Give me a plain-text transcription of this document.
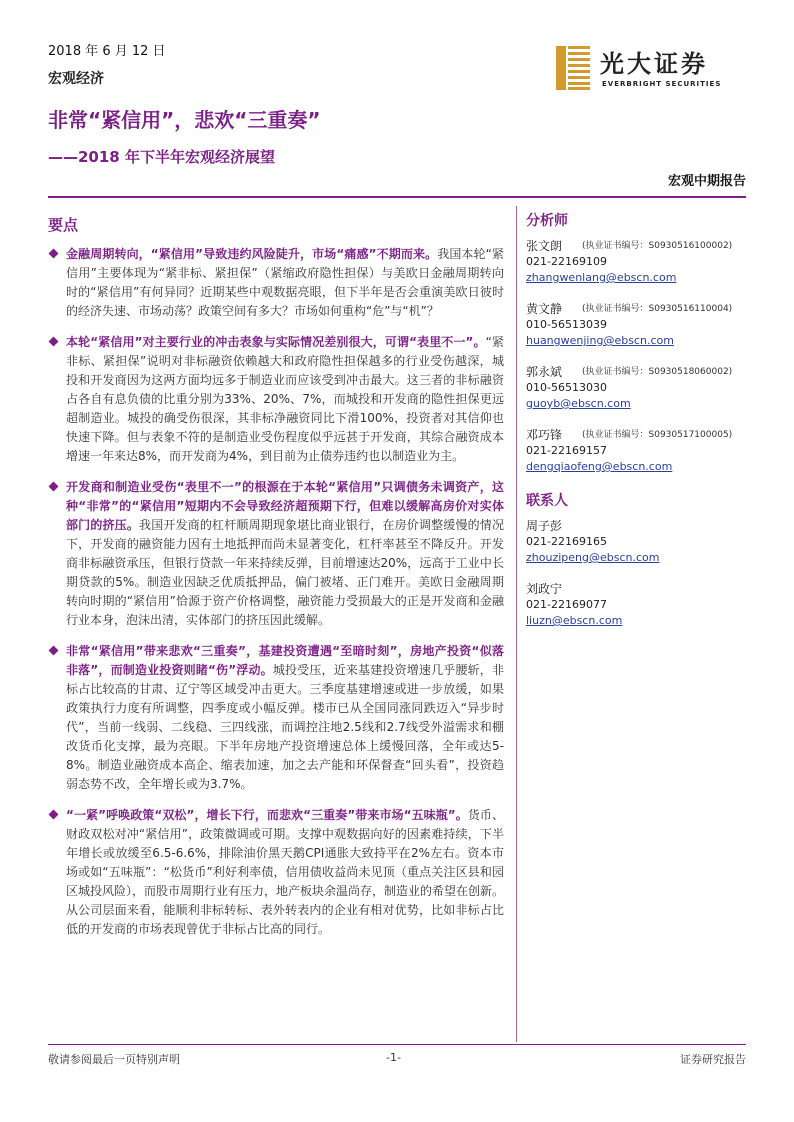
2018 年 6 月 12 日
宏观经济
非常“紧信用”，悲欢“三重奏”
——2018 年下半年宏观经济展望
宏观中期报告
光大证券
EVERBRIGHT SECURITIES
要点
金融周期转向，“紧信用”导致违约风险陡升，市场“痛感”不期而来。我国本轮“紧信用”主要体现为“紧非标、紧担保”（紧缩政府隐性担保）与美欧日金融周期转向时的“紧信用”有何异同？近期某些中观数据亮眼，但下半年是否会重演美欧日彼时的经济失速、市场动荡？政策空间有多大？市场如何重构“危”与“机”？
本轮“紧信用”对主要行业的冲击表象与实际情况差别很大，可谓“表里不一”。“紧非标、紧担保”说明对非标融资依赖越大和政府隐性担保越多的行业受伤越深，城投和开发商因为这两方面均远多于制造业而应该受到冲击最大。这三者的非标融资占各自有息负债的比重分别为33%、20%、7%，而城投和开发商的隐性担保更远超制造业。城投的确受伤很深，其非标净融资同比下滑100%，投资者对其信仰也快速下降。但与表象不符的是制造业受伤程度似乎远甚于开发商，其综合融资成本增速一年来达8%，而开发商为4%，到目前为止债券违约也以制造业为主。
开发商和制造业受伤“表里不一”的根源在于本轮“紧信用”只调债务未调资产，这种“非常”的“紧信用”短期内不会导致经济超预期下行，但难以缓解高房价对实体部门的挤压。我国开发商的杠杆顺周期现象堪比商业银行，在房价调整缓慢的情况下，开发商的融资能力因有土地抵押而尚未显著变化，杠杆率甚至不降反升。开发商非标融资承压，但银行贷款一年来持续反弹，目前增速达20%，远高于工业中长期贷款的5%。制造业因缺乏优质抵押品，偏门被堵、正门难开。美欧日金融周期转向时期的“紧信用”恰源于资产价格调整，融资能力受损最大的正是开发商和金融行业本身，泡沫出清，实体部门的挤压因此缓解。
非常“紧信用”带来悲欢“三重奏”，基建投资遭遇“至暗时刻”，房地产投资“似落非落”，而制造业投资则睹“伤”浮动。城投受压，近来基建投资增速几乎腰斩，非标占比较高的甘肃、辽宁等区域受冲击更大。三季度基建增速或进一步放缓，如果政策执行力度有所调整，四季度或小幅反弹。楼市已从全国同涨同跌迈入“异步时代”，当前一线弱、二线稳、三四线涨，而调控注地2.5线和2.7线受外溢需求和棚改货币化支撑，最为亮眼。下半年房地产投资增速总体上缓慢回落，全年或达5-8%。制造业融资成本高企、缩表加速，加之去产能和环保督查“回头看”，投资趋弱态势不改，全年增长或为3.7%。
“一紧”呼唤政策“双松”，增长下行，而悲欢“三重奏”带来市场“五味瓶”。货币、财政双松对冲“紧信用”，政策微调或可期。支撑中观数据向好的因素难持续，下半年增长或放缓至6.5-6.6%，排除油价黑天鹅CPI通胀大致持平在2%左右。资本市场或如“五味瓶”：“松货币”利好利率债，信用债收益尚未见顶（重点关注区县和园区城投风险），而股市周期行业有压力，地产板块余温尚存，制造业的希望在创新。从公司层面来看，能顺利非标转标、表外转表内的企业有相对优势，比如非标占比低的开发商的市场表现曾优于非标占比高的同行。
分析师
张文朗	(执业证书编号：S0930516100002)
021-22169109
zhangwenlang@ebscn.com
黄文静	(执业证书编号：S0930516110004)
010-56513039
huangwenjing@ebscn.com
郭永斌	(执业证书编号：S0930518060002)
010-56513030
guoyb@ebscn.com
邓巧锋	(执业证书编号：S0930517100005)
021-22169157
dengqiaofeng@ebscn.com
联系人
周子彭
021-22169165
zhouzipeng@ebscn.com
刘政宁
021-22169077
liuzn@ebscn.com
敬请参阅最后一页特别声明	-1-	证券研究报告
